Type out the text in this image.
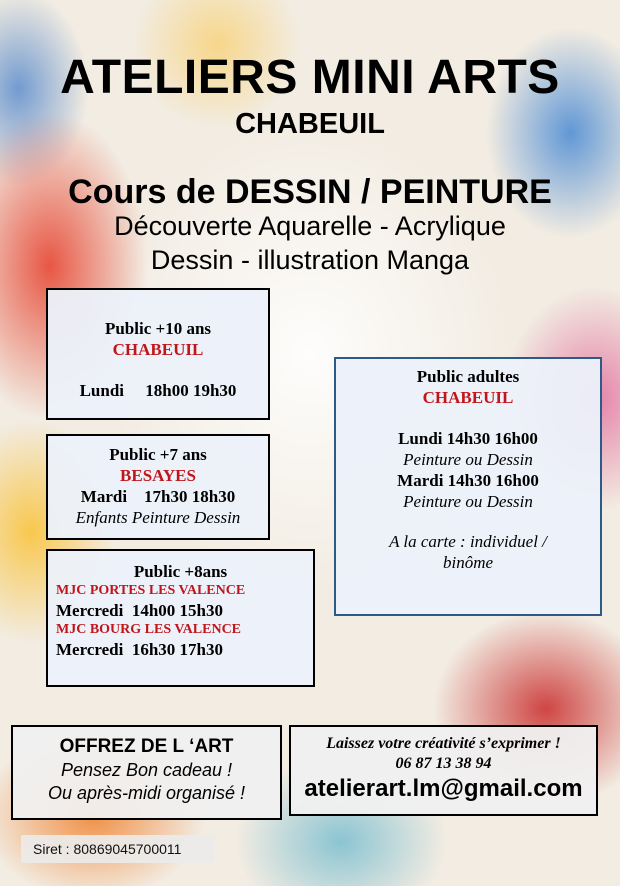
ATELIERS MINI ARTS
CHABEUIL
Cours de DESSIN / PEINTURE
Découverte Aquarelle - Acrylique
Dessin - illustration Manga
Public +10 ans
CHABEUIL
Lundi     18h00 19h30
Public +7 ans
BESAYES
Mardi    17h30 18h30
Enfants Peinture Dessin
Public +8ans
MJC PORTES LES VALENCE
Mercredi  14h00 15h30
MJC BOURG LES VALENCE
Mercredi  16h30 17h30
Public adultes
CHABEUIL
Lundi 14h30 16h00
Peinture ou Dessin
Mardi 14h30 16h00
Peinture ou Dessin
A la carte : individuel /
binôme
OFFREZ DE L ‘ART
Pensez Bon cadeau !
Ou après-midi organisé !
Laissez votre créativité s’exprimer !
06 87 13 38 94
atelierart.lm@gmail.com
Siret : 80869045700011
